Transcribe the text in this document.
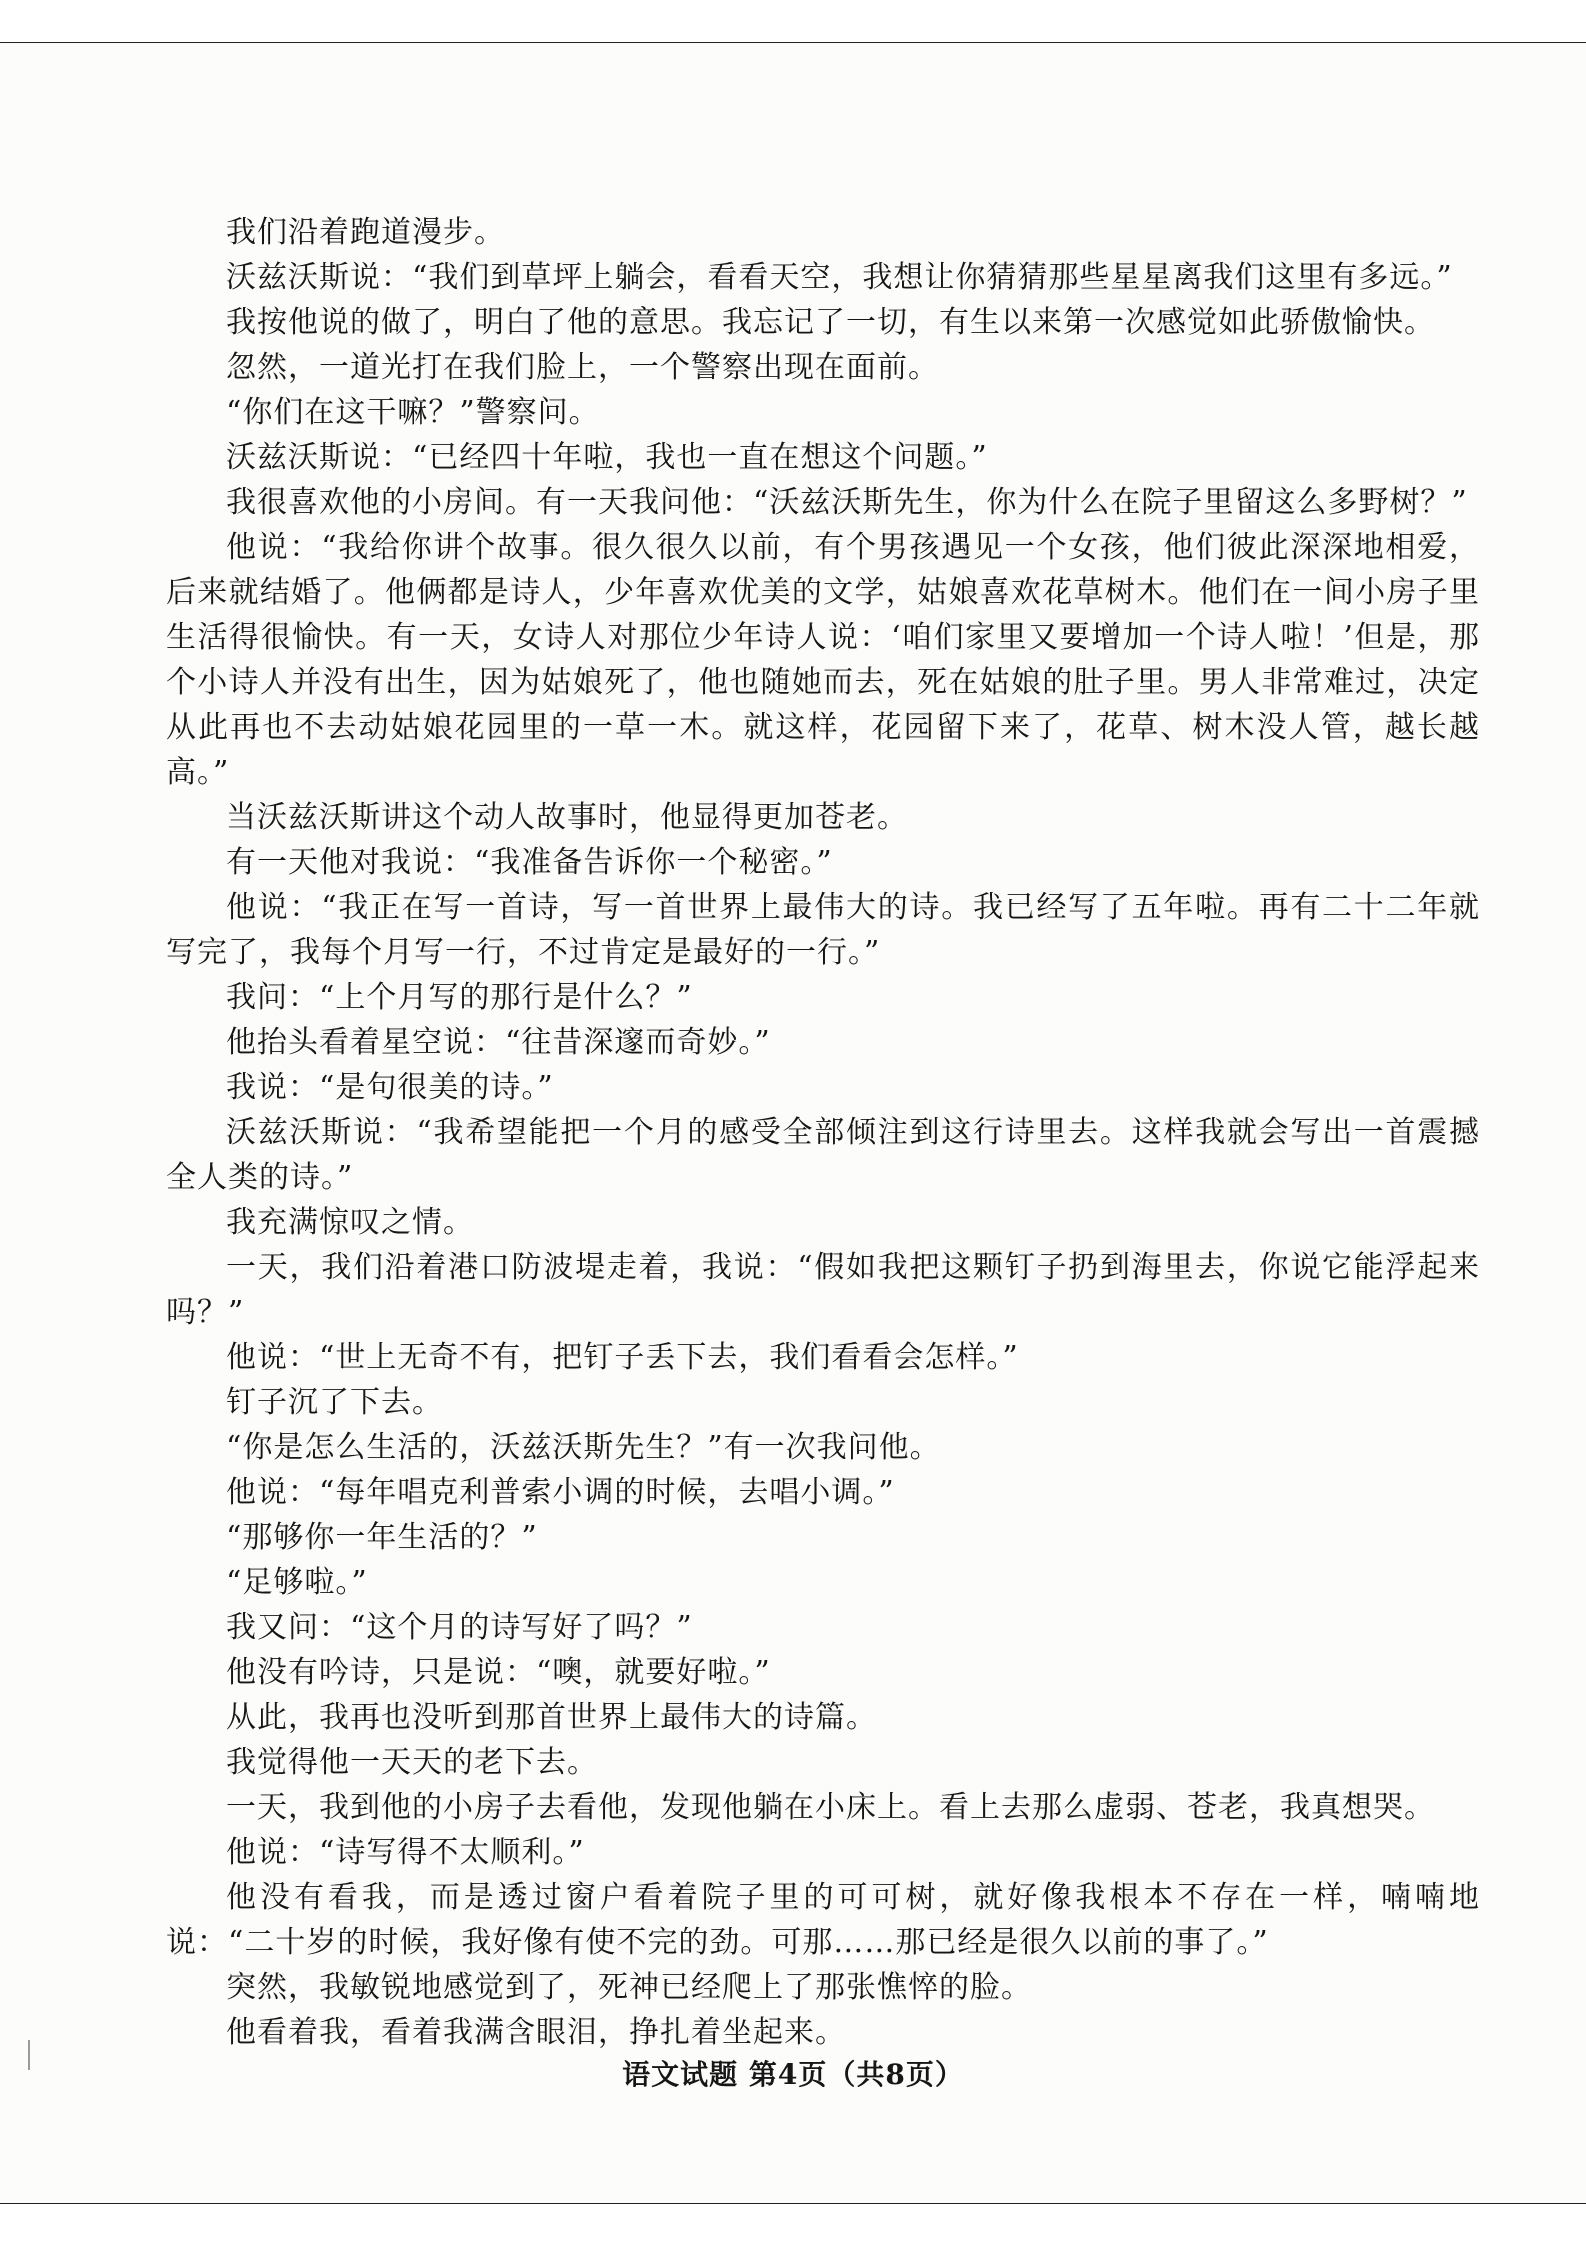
我们沿着跑道漫步。

沃兹沃斯说：“我们到草坪上躺会，看看天空，我想让你猜猜那些星星离我们这里有多远。”

我按他说的做了，明白了他的意思。我忘记了一切，有生以来第一次感觉如此骄傲愉快。

忽然，一道光打在我们脸上，一个警察出现在面前。

“你们在这干嘛？”警察问。

沃兹沃斯说：“已经四十年啦，我也一直在想这个问题。”

我很喜欢他的小房间。有一天我问他：“沃兹沃斯先生，你为什么在院子里留这么多野树？”

他说：“我给你讲个故事。很久很久以前，有个男孩遇见一个女孩，他们彼此深深地相爱，后来就结婚了。他俩都是诗人，少年喜欢优美的文学，姑娘喜欢花草树木。他们在一间小房子里生活得很愉快。有一天，女诗人对那位少年诗人说：‘咱们家里又要增加一个诗人啦！’但是，那个小诗人并没有出生，因为姑娘死了，他也随她而去，死在姑娘的肚子里。男人非常难过，决定从此再也不去动姑娘花园里的一草一木。就这样，花园留下来了，花草、树木没人管，越长越高。”

当沃兹沃斯讲这个动人故事时，他显得更加苍老。

有一天他对我说：“我准备告诉你一个秘密。”

他说：“我正在写一首诗，写一首世界上最伟大的诗。我已经写了五年啦。再有二十二年就写完了，我每个月写一行，不过肯定是最好的一行。”

我问：“上个月写的那行是什么？”

他抬头看着星空说：“往昔深邃而奇妙。”

我说：“是句很美的诗。”

沃兹沃斯说：“我希望能把一个月的感受全部倾注到这行诗里去。这样我就会写出一首震撼全人类的诗。”

我充满惊叹之情。

一天，我们沿着港口防波堤走着，我说：“假如我把这颗钉子扔到海里去，你说它能浮起来吗？”

他说：“世上无奇不有，把钉子丢下去，我们看看会怎样。”

钉子沉了下去。

“你是怎么生活的，沃兹沃斯先生？”有一次我问他。

他说：“每年唱克利普索小调的时候，去唱小调。”

“那够你一年生活的？”

“足够啦。”

我又问：“这个月的诗写好了吗？”

他没有吟诗，只是说：“噢，就要好啦。”

从此，我再也没听到那首世界上最伟大的诗篇。

我觉得他一天天的老下去。

一天，我到他的小房子去看他，发现他躺在小床上。看上去那么虚弱、苍老，我真想哭。

他说：“诗写得不太顺利。”

他没有看我，而是透过窗户看着院子里的可可树，就好像我根本不存在一样，喃喃地说：“二十岁的时候，我好像有使不完的劲。可那……那已经是很久以前的事了。”

突然，我敏锐地感觉到了，死神已经爬上了那张憔悴的脸。

他看着我，看着我满含眼泪，挣扎着坐起来。

语文试题 第4页（共8页）
